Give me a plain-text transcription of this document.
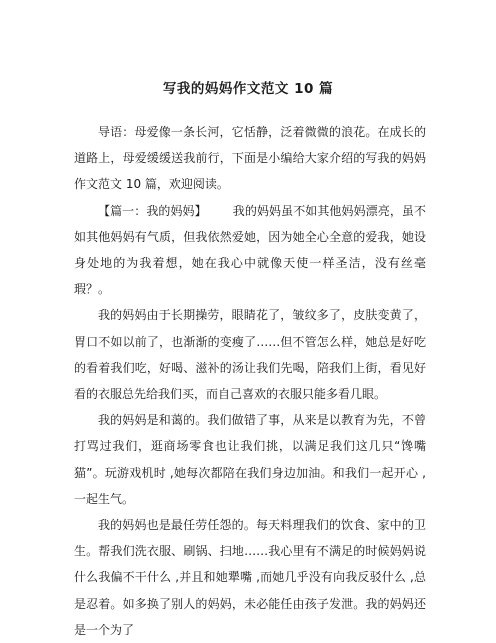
写我的妈妈作文范文 10 篇

导语：母爱像一条长河，它恬静，泛着微微的浪花。在成长的道路上，母爱缓缓送我前行，下面是小编给大家介绍的写我的妈妈作文范文 10 篇，欢迎阅读。

【篇一：我的妈妈】 我的妈妈虽不如其他妈妈漂亮，虽不如其他妈妈有气质，但我依然爱她，因为她全心全意的爱我，她设身处地的为我着想，她在我心中就像天使一样圣洁，没有丝毫瑕？。

我的妈妈由于长期操劳，眼睛花了，皱纹多了，皮肤变黄了，胃口不如以前了，也渐渐的变瘦了……但不管怎么样，她总是好吃的看着我们吃，好喝、滋补的汤让我们先喝，陪我们上街，看见好看的衣服总先给我们买，而自己喜欢的衣服只能多看几眼。

我的妈妈是和蔼的。我们做错了事，从来是以教育为先，不曾打骂过我们，逛商场零食也让我们挑，以满足我们这几只“馋嘴猫”。玩游戏机时 ,她每次都陪在我们身边加油。和我们一起开心 ,一起生气。

我的妈妈也是最任劳任怨的。每天料理我们的饮食、家中的卫生。帮我们洗衣服、刷锅、扫地……我心里有不满足的时候妈妈说什么我偏不干什么 ,并且和她犟嘴 ,而她几乎没有向我反驳什么 ,总是忍着。如多换了别人的妈妈，未必能任由孩子发泄。我的妈妈还是一个为了
